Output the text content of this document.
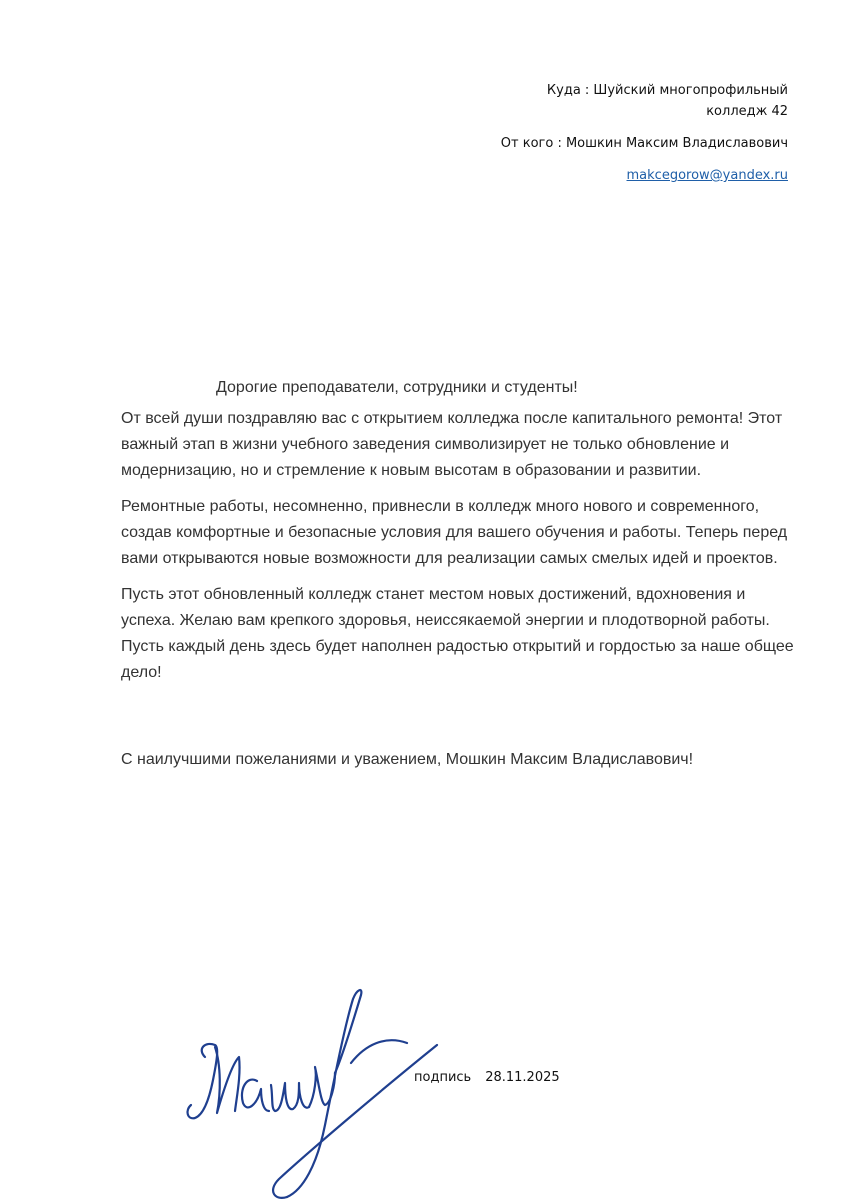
Куда : Шуйский многопрофильный

колледж 42

От кого : Мошкин Максим Владиславович

makcegorow@yandex.ru

Дорогие преподаватели, сотрудники и студенты!

От всей души поздравляю вас с открытием колледжа после капитального ремонта! Этот важный этап в жизни учебного заведения символизирует не только обновление и модернизацию, но и стремление к новым высотам в образовании и развитии.

Ремонтные работы, несомненно, привнесли в колледж много нового и современного, создав комфортные и безопасные условия для вашего обучения и работы. Теперь перед вами открываются новые возможности для реализации самых смелых идей и проектов.

Пусть этот обновленный колледж станет местом новых достижений, вдохновения и успеха. Желаю вам крепкого здоровья, неиссякаемой энергии и плодотворной работы. Пусть каждый день здесь будет наполнен радостью открытий и гордостью за наше общее дело!

С наилучшими пожеланиями и уважением, Мошкин Максим Владиславович!
подпись 28.11.2025
